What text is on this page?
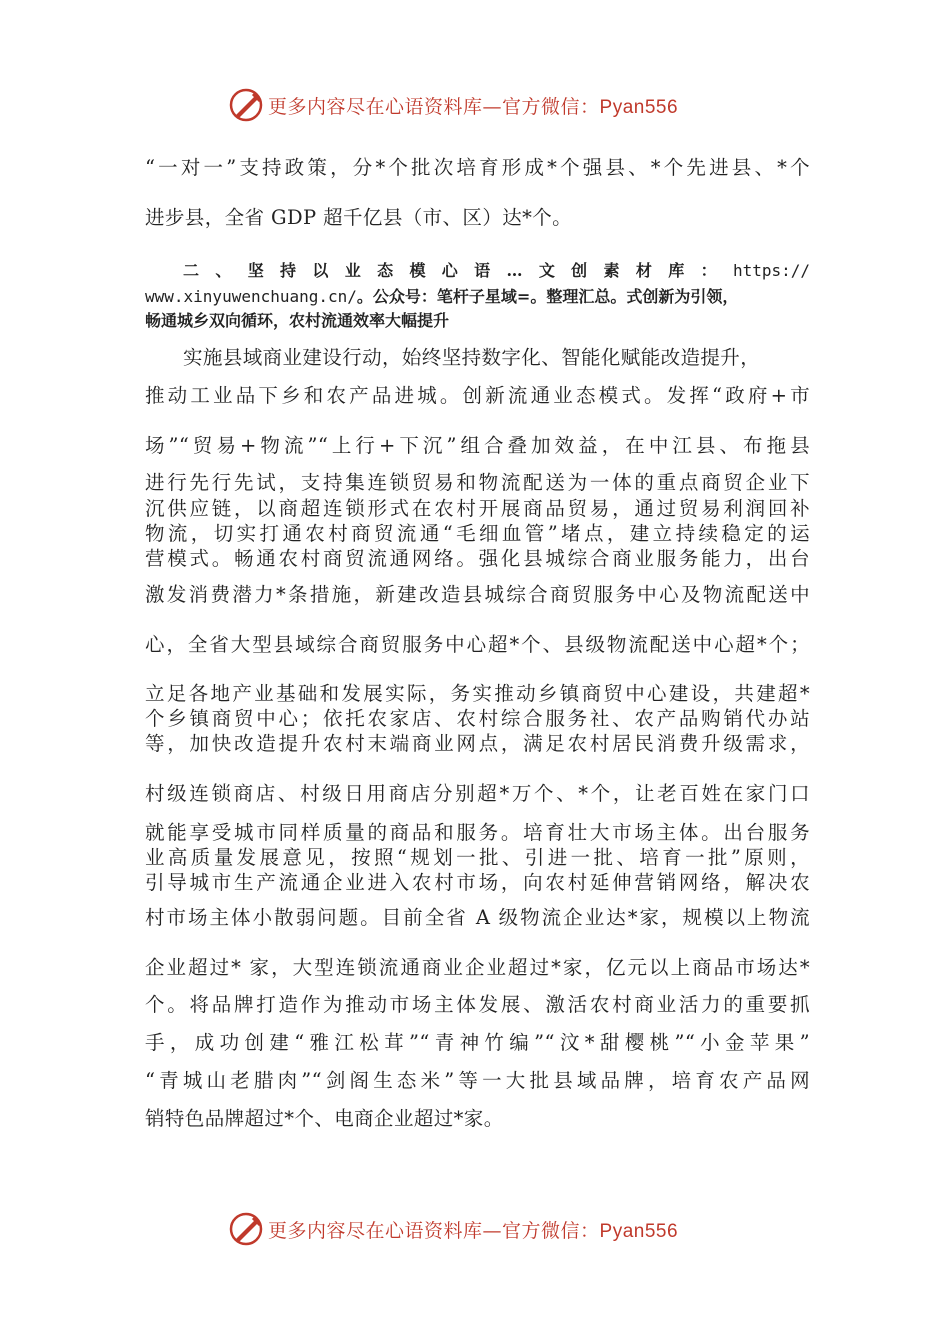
更多内容尽在心语资料库—官方微信：Pyan556
“一对一”支持政策，分*个批次培育形成*个强县、*个先进县、*个
进步县，全省 GDP 超千亿县（市、区）达*个。
二、坚持以业态模心语…文创素材库：https://
www.xinyuwenchuang.cn/。公众号：笔杆子星域=。整理汇总。式创新为引领，
畅通城乡双向循环，农村流通效率大幅提升
实施县域商业建设行动，始终坚持数字化、智能化赋能改造提升，
推动工业品下乡和农产品进城。创新流通业态模式。发挥“政府+市
场”“贸易+物流”“上行+下沉”组合叠加效益，在中江县、布拖县
进行先行先试，支持集连锁贸易和物流配送为一体的重点商贸企业下
沉供应链，以商超连锁形式在农村开展商品贸易，通过贸易利润回补
物流，切实打通农村商贸流通“毛细血管”堵点，建立持续稳定的运
营模式。畅通农村商贸流通网络。强化县城综合商业服务能力，出台
激发消费潜力*条措施，新建改造县城综合商贸服务中心及物流配送中
心，全省大型县域综合商贸服务中心超*个、县级物流配送中心超*个；
立足各地产业基础和发展实际，务实推动乡镇商贸中心建设，共建超*
个乡镇商贸中心；依托农家店、农村综合服务社、农产品购销代办站
等，加快改造提升农村末端商业网点，满足农村居民消费升级需求，
村级连锁商店、村级日用商店分别超*万个、*个，让老百姓在家门口
就能享受城市同样质量的商品和服务。培育壮大市场主体。出台服务
业高质量发展意见，按照“规划一批、引进一批、培育一批”原则，
引导城市生产流通企业进入农村市场，向农村延伸营销网络，解决农
村市场主体小散弱问题。目前全省 A 级物流企业达*家，规模以上物流
企业超过* 家，大型连锁流通商业企业超过*家，亿元以上商品市场达*
个。将品牌打造作为推动市场主体发展、激活农村商业活力的重要抓
手，成功创建“雅江松茸”“青神竹编”“汶*甜樱桃”“小金苹果”
“青城山老腊肉”“剑阁生态米”等一大批县域品牌，培育农产品网
销特色品牌超过*个、电商企业超过*家。
更多内容尽在心语资料库—官方微信：Pyan556
